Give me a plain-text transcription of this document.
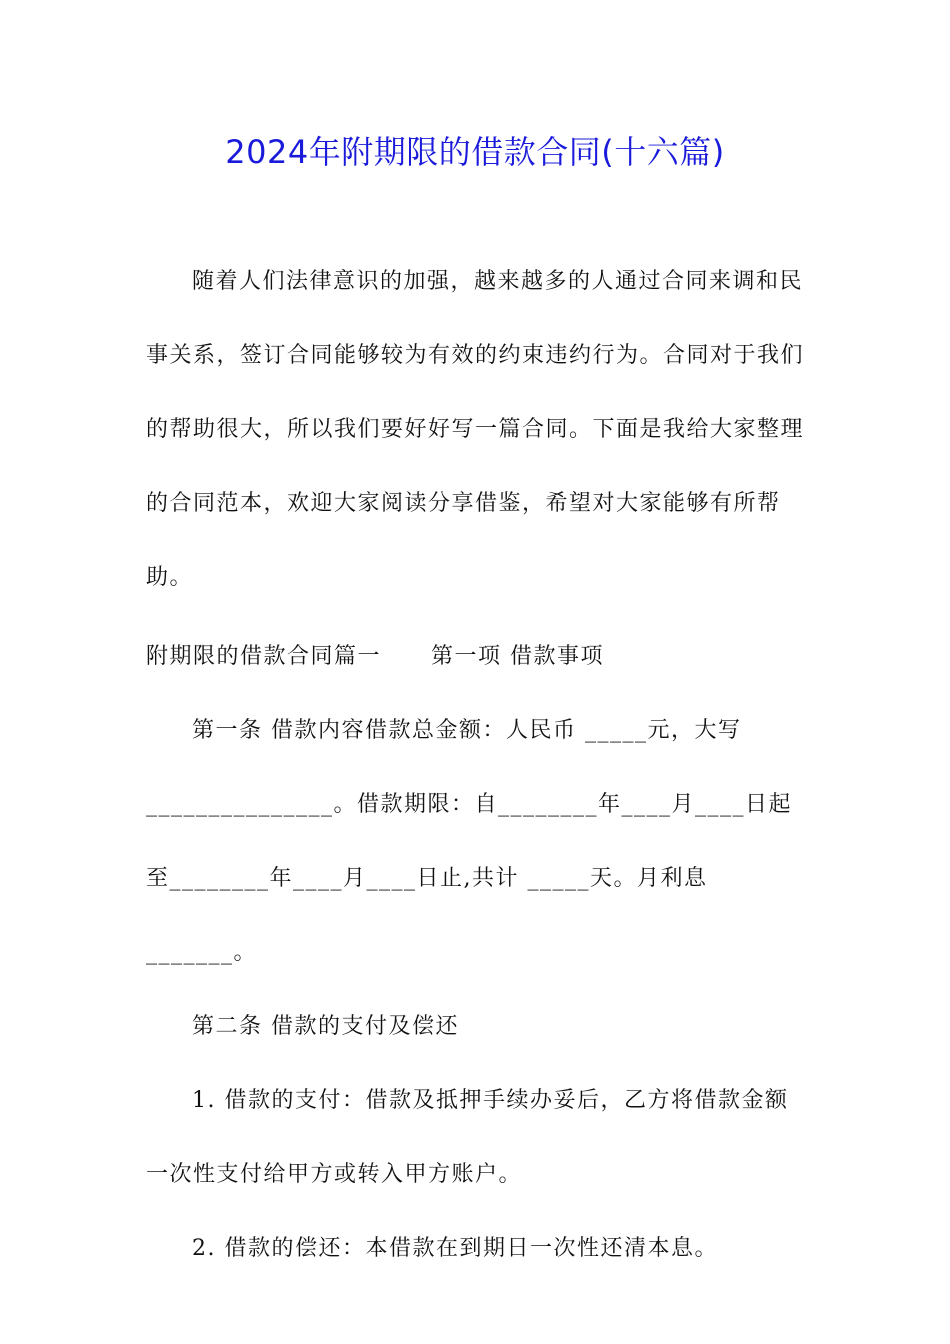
2024年附期限的借款合同(十六篇)

随着人们法律意识的加强，越来越多的人通过合同来调和民事关系，签订合同能够较为有效的约束违约行为。合同对于我们的帮助很大，所以我们要好好写一篇合同。下面是我给大家整理的合同范本，欢迎大家阅读分享借鉴，希望对大家能够有所帮助。

附期限的借款合同篇一 第一项 借款事项

第一条 借款内容借款总金额：人民币 _____元，大写 _______________。借款期限：自________年____月____日起至________年____月____日止,共计 _____天。月利息 _______。

第二条 借款的支付及偿还

1. 借款的支付：借款及抵押手续办妥后，乙方将借款金额一次性支付给甲方或转入甲方账户。

2. 借款的偿还：本借款在到期日一次性还清本息。
